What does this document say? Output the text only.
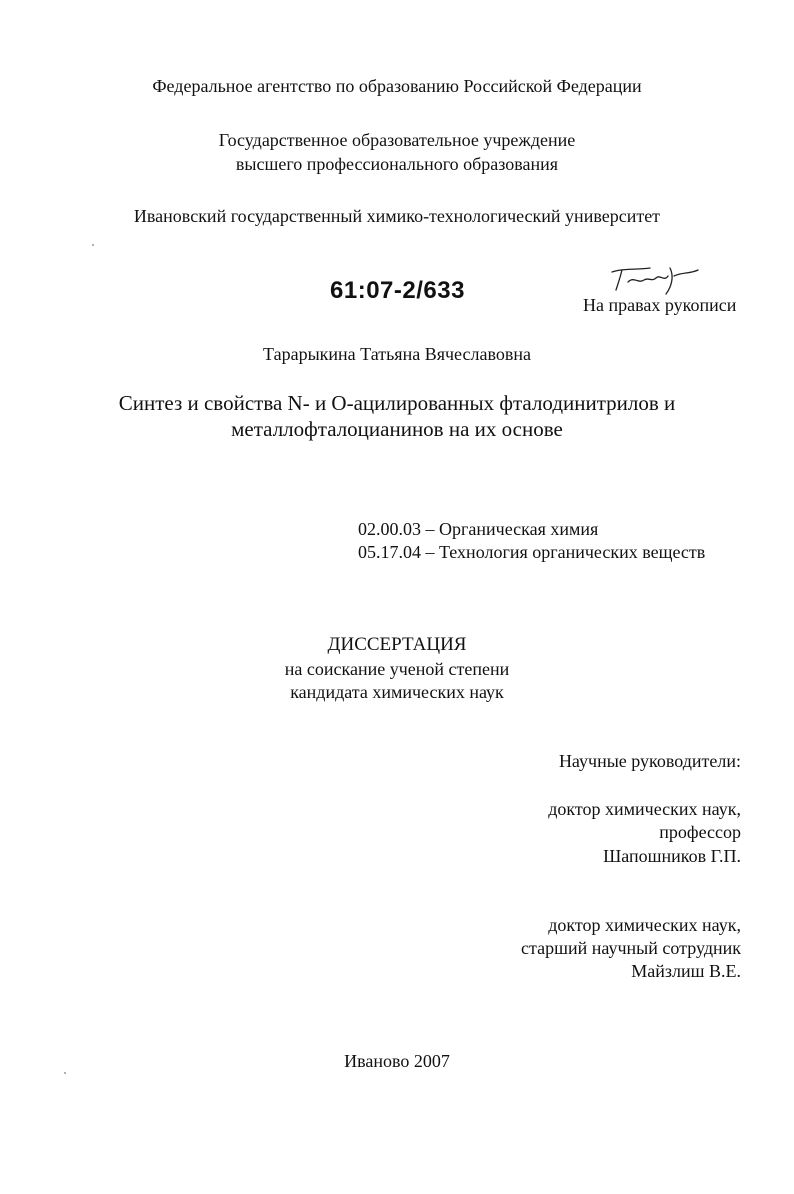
Федеральное агентство по образованию Российской Федерации
Государственное образовательное учреждение
высшего профессионального образования
Ивановский государственный химико-технологический университет
61:07-2/633
На правах рукописи
Тарарыкина Татьяна Вячеславовна
Синтез и свойства N- и O-ацилированных фталодинитрилов и
металлофталоцианинов на их основе
02.00.03 – Органическая химия
05.17.04 – Технология органических веществ
ДИССЕРТАЦИЯ
на соискание ученой степени
кандидата химических наук
Научные руководители:
доктор химических наук,
профессор
Шапошников Г.П.
доктор химических наук,
старший научный сотрудник
Майзлиш В.Е.
Иваново 2007
